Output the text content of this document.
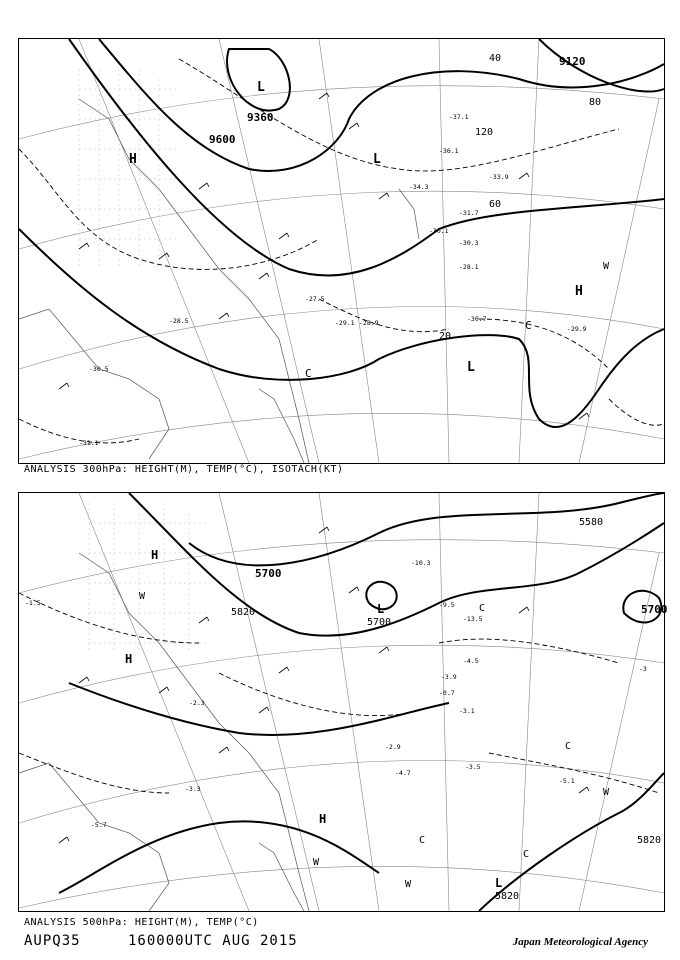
9120
9360
9600
20
40
60
80
120
H
L
L
H
L
C
C
W
-37.1
-33.9
-36.1
-34.3
-31.7
-30.1
-30.3
-28.1
-29.1 -28.9
-27.5
-30.7
-29.9
-28.5
-31.1
-30.5
ANALYSIS 300hPa: HEIGHT(M), TEMP(°C), ISOTACH(KT)
5580
5700
5700
5700
5820
5820
5820
H
H
H
L
L
C
C
C
C
W
W
W
W
-10.3
-9.5
-13.5
-3.9
-4.5
-0.7
-3.1
-3.5
-5.1
-4.7
-2.9
-1.5
-2.3
-5.7
-3.3
-3
ANALYSIS 500hPa: HEIGHT(M), TEMP(°C)
AUPQ35	160000UTC AUG 2015	Japan Meteorological Agency
